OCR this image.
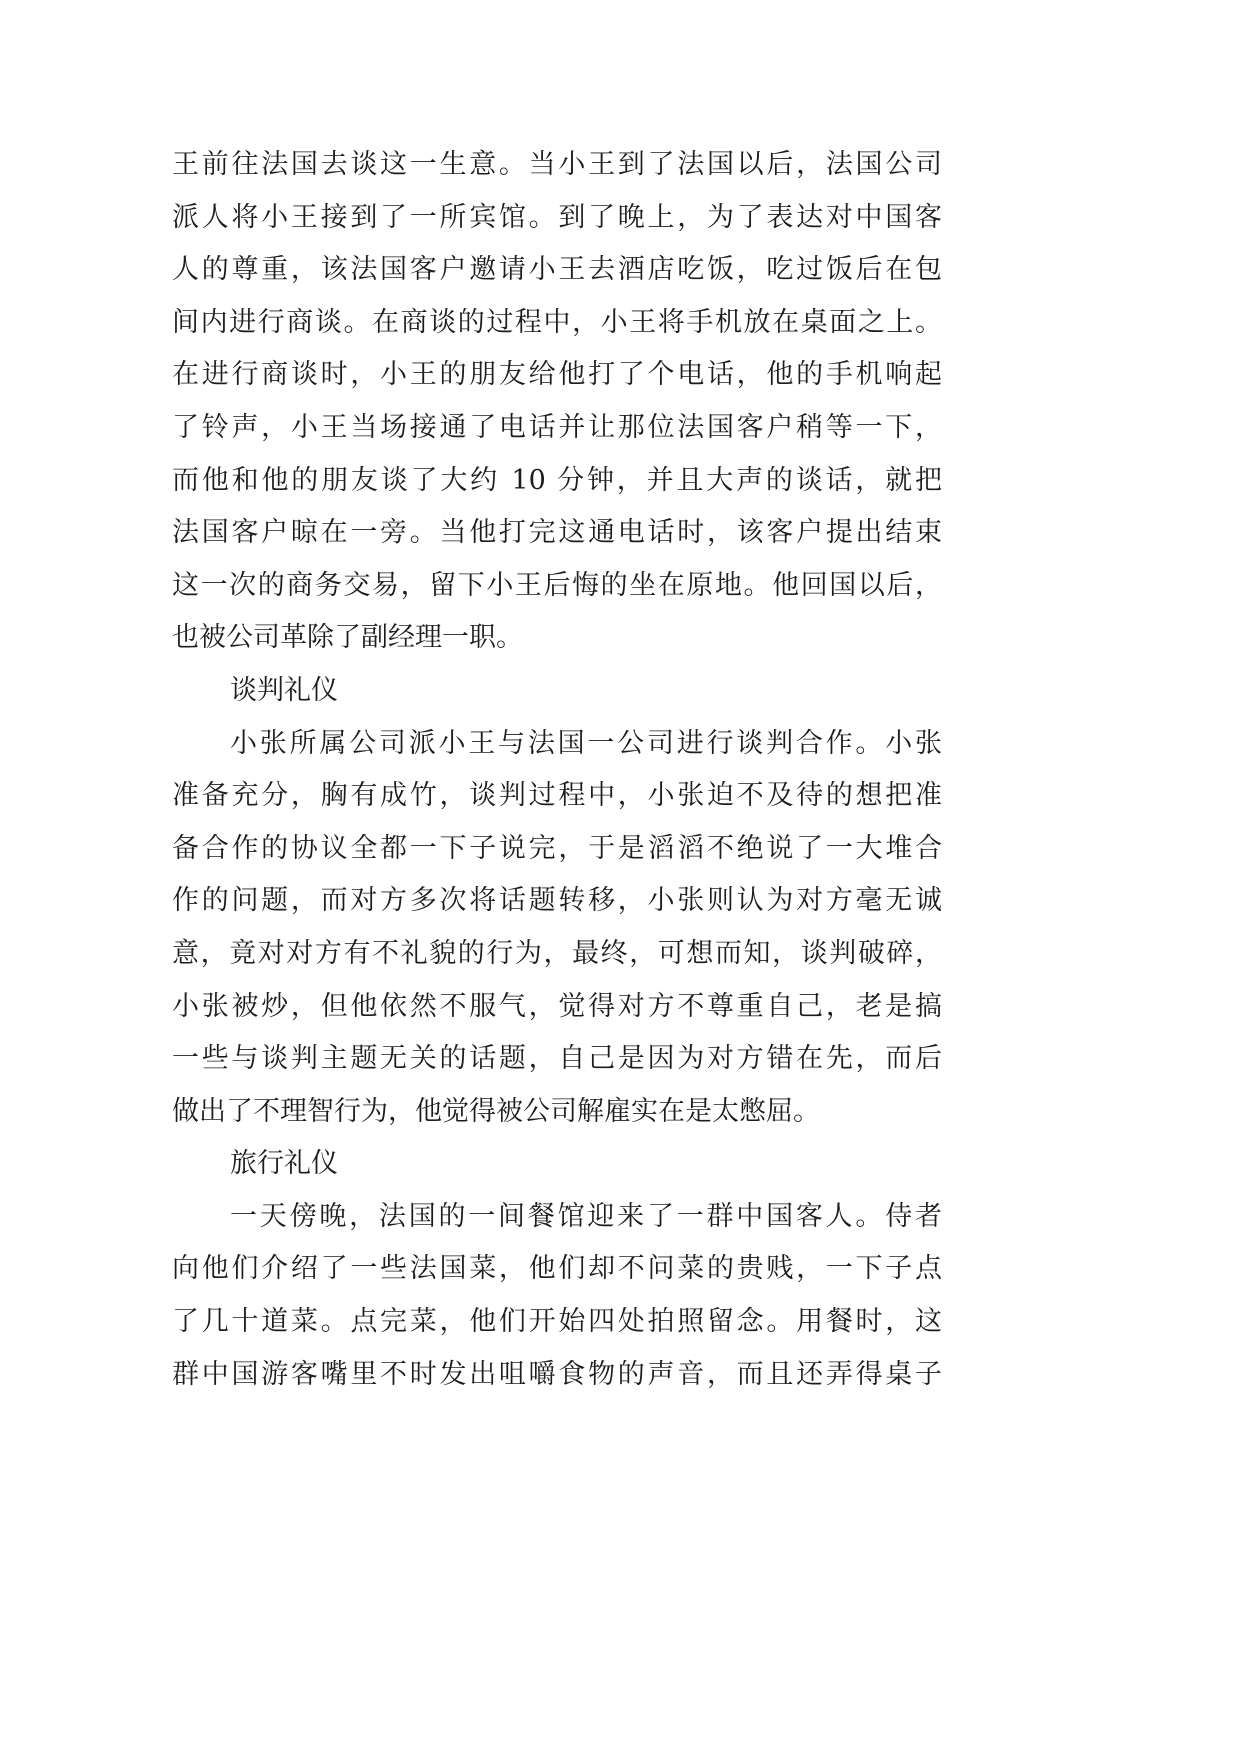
王前往法国去谈这一生意。当小王到了法国以后，法国公司
派人将小王接到了一所宾馆。到了晚上，为了表达对中国客
人的尊重，该法国客户邀请小王去酒店吃饭，吃过饭后在包
间内进行商谈。在商谈的过程中，小王将手机放在桌面之上。
在进行商谈时，小王的朋友给他打了个电话，他的手机响起
了铃声，小王当场接通了电话并让那位法国客户稍等一下，
而他和他的朋友谈了大约 10 分钟，并且大声的谈话，就把
法国客户晾在一旁。当他打完这通电话时，该客户提出结束
这一次的商务交易，留下小王后悔的坐在原地。他回国以后，
也被公司革除了副经理一职。
谈判礼仪
小张所属公司派小王与法国一公司进行谈判合作。小张
准备充分，胸有成竹，谈判过程中，小张迫不及待的想把准
备合作的协议全都一下子说完，于是滔滔不绝说了一大堆合
作的问题，而对方多次将话题转移，小张则认为对方毫无诚
意，竟对对方有不礼貌的行为，最终，可想而知，谈判破碎，
小张被炒，但他依然不服气，觉得对方不尊重自己，老是搞
一些与谈判主题无关的话题，自己是因为对方错在先，而后
做出了不理智行为，他觉得被公司解雇实在是太憋屈。
旅行礼仪
一天傍晚，法国的一间餐馆迎来了一群中国客人。侍者
向他们介绍了一些法国菜，他们却不问菜的贵贱，一下子点
了几十道菜。点完菜，他们开始四处拍照留念。用餐时，这
群中国游客嘴里不时发出咀嚼食物的声音，而且还弄得桌子
